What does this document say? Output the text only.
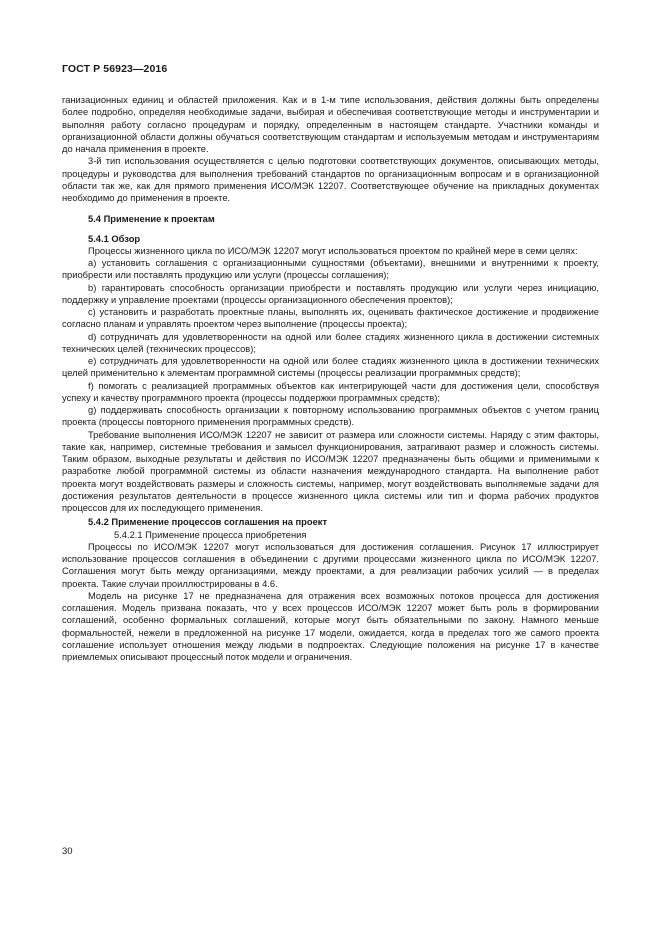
ГОСТ Р 56923—2016

ганизационных единиц и областей приложения. Как и в 1-м типе использования, действия должны быть определены более подробно, определяя необходимые задачи, выбирая и обеспечивая соответствующие методы и инструментарии и выполняя работу согласно процедурам и порядку, определенным в настоящем стандарте. Участники команды и организационной области должны обучаться соответствующим стандартам и используемым методам и инструментариям до начала применения в проекте.

3-й тип использования осуществляется с целью подготовки соответствующих документов, описывающих методы, процедуры и руководства для выполнения требований стандартов по организационным вопросам и в организационной области так же, как для прямого применения ИСО/МЭК 12207. Соответствующее обучение на прикладных документах необходимо до применения в проекте.

5.4 Применение к проектам
5.4.1 Обзор

Процессы жизненного цикла по ИСО/МЭК 12207 могут использоваться проектом по крайней мере в семи целях:

a) установить соглашения с организационными сущностями (объектами), внешними и внутренними к проекту, приобрести или поставлять продукцию или услуги (процессы соглашения);

b) гарантировать способность организации приобрести и поставлять продукцию или услуги через инициацию, поддержку и управление проектами (процессы организационного обеспечения проектов);

c) установить и разработать проектные планы, выполнять их, оценивать фактическое достижение и продвижение согласно планам и управлять проектом через выполнение (процессы проекта);

d) сотрудничать для удовлетворенности на одной или более стадиях жизненного цикла в достижении системных технических целей (технических процессов);

e) сотрудничать для удовлетворенности на одной или более стадиях жизненного цикла в достижении технических целей применительно к элементам программной системы (процессы реализации программных средств);

f) помогать с реализацией программных объектов как интегрирующей части для достижения цели, способствуя успеху и качеству программного проекта (процессы поддержки программных средств);

g) поддерживать способность организации к повторному использованию программных объектов с учетом границ проекта (процессы повторного применения программных средств).

Требование выполнения ИСО/МЭК 12207 не зависит от размера или сложности системы. Наряду с этим факторы, такие как, например, системные требования и замысел функционирования, затрагивают размер и сложность системы. Таким образом, выходные результаты и действия по ИСО/МЭК 12207 предназначены быть общими и применимыми к разработке любой программной системы из области назначения международного стандарта. На выполнение работ проекта могут воздействовать размеры и сложность системы, например, могут воздействовать выполняемые задачи для достижения результатов деятельности в процессе жизненного цикла системы или тип и форма рабочих продуктов процессов для их последующего применения.

5.4.2 Применение процессов соглашения на проект

5.4.2.1 Применение процесса приобретения

Процессы по ИСО/МЭК 12207 могут использоваться для достижения соглашения. Рисунок 17 иллюстрирует использование процессов соглашения в объединении с другими процессами жизненного цикла по ИСО/МЭК 12207. Соглашения могут быть между организациями, между проектами, а для реализации рабочих усилий — в пределах проекта. Такие случаи проиллюстрированы в 4.6.

Модель на рисунке 17 не предназначена для отражения всех возможных потоков процесса для достижения соглашения. Модель призвана показать, что у всех процессов ИСО/МЭК 12207 может быть роль в формировании соглашений, особенно формальных соглашений, которые могут быть обязательными по закону. Намного меньше формальностей, нежели в предложенной на рисунке 17 модели, ожидается, когда в пределах того же самого проекта соглашение использует отношения между людьми в подпроектах. Следующие положения на рисунке 17 в качестве приемлемых описывают процессный поток модели и ограничения.

30
